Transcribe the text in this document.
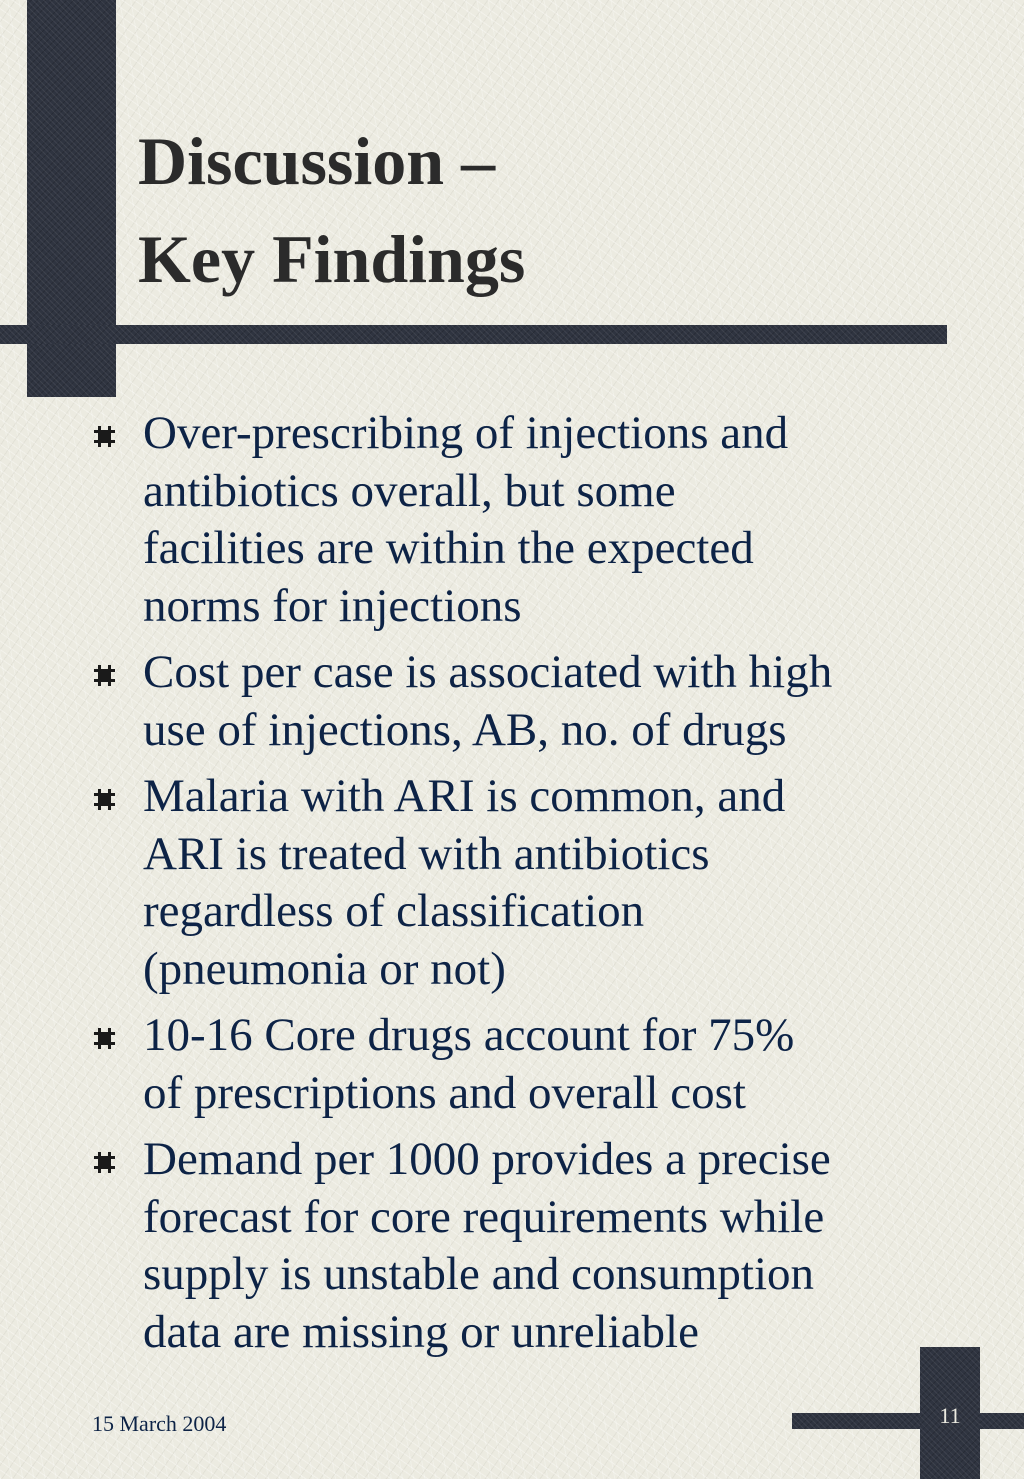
Discussion –
Key Findings
Over-prescribing of injections and
antibiotics overall, but some
facilities are within the expected
norms for injections
Cost per case is associated with high
use of injections, AB, no. of drugs
Malaria with ARI is common, and
ARI is treated with antibiotics
regardless of classification
(pneumonia or not)
10-16 Core drugs account for 75%
of prescriptions and overall cost
Demand per 1000 provides a precise
forecast for core requirements while
supply is unstable and consumption
data are missing or unreliable
15 March 2004	11
